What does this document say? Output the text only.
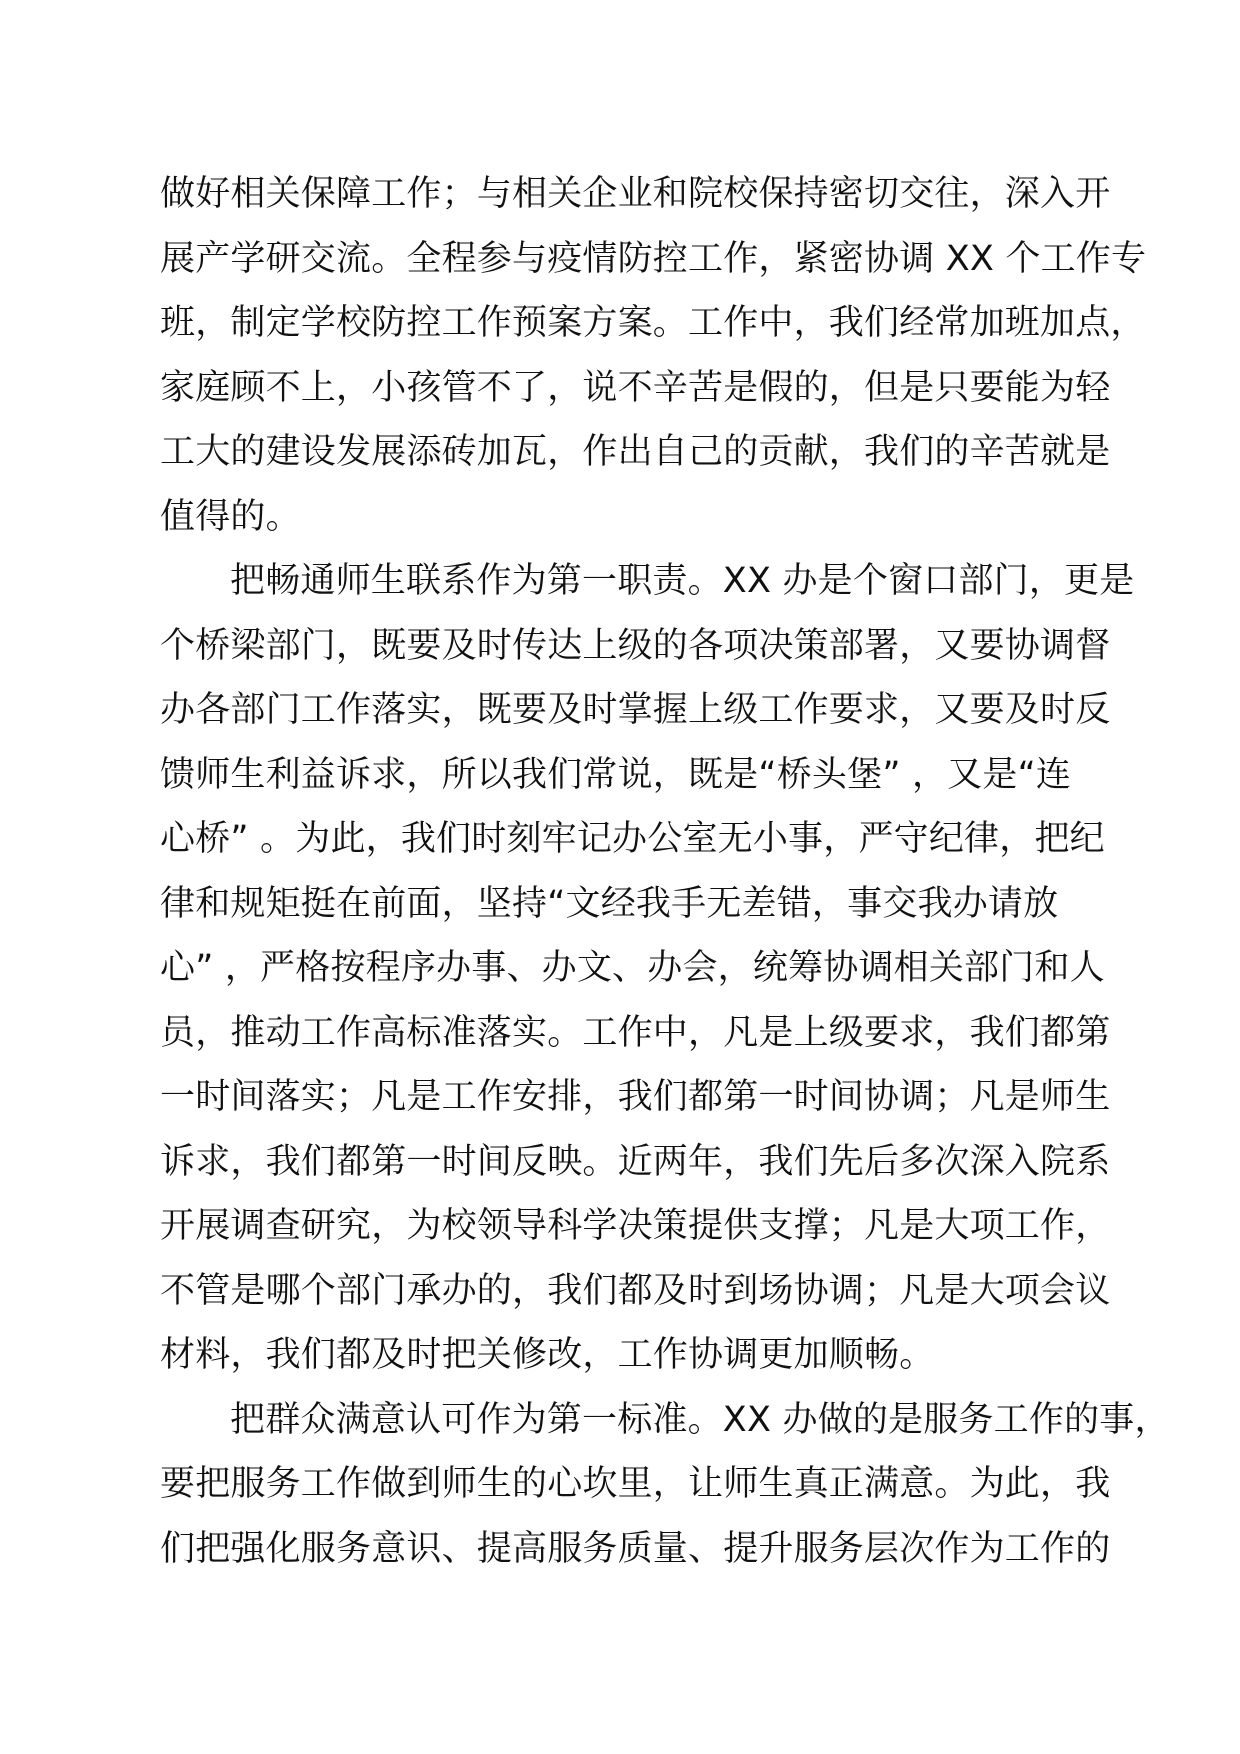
做好相关保障工作；与相关企业和院校保持密切交往，深入开
展产学研交流。全程参与疫情防控工作，紧密协调 XX 个工作专
班，制定学校防控工作预案方案。工作中，我们经常加班加点，
家庭顾不上，小孩管不了，说不辛苦是假的，但是只要能为轻
工大的建设发展添砖加瓦，作出自己的贡献，我们的辛苦就是
值得的。
把畅通师生联系作为第一职责。XX 办是个窗口部门，更是
个桥梁部门，既要及时传达上级的各项决策部署，又要协调督
办各部门工作落实，既要及时掌握上级工作要求，又要及时反
馈师生利益诉求，所以我们常说，既是“桥头堡” ，又是“连
心桥” 。为此，我们时刻牢记办公室无小事，严守纪律，把纪
律和规矩挺在前面，坚持“文经我手无差错，事交我办请放
心” ，严格按程序办事、办文、办会，统筹协调相关部门和人
员，推动工作高标准落实。工作中，凡是上级要求，我们都第
一时间落实；凡是工作安排，我们都第一时间协调；凡是师生
诉求，我们都第一时间反映。近两年，我们先后多次深入院系
开展调查研究，为校领导科学决策提供支撑；凡是大项工作，
不管是哪个部门承办的，我们都及时到场协调；凡是大项会议
材料，我们都及时把关修改，工作协调更加顺畅。
把群众满意认可作为第一标准。XX 办做的是服务工作的事，
要把服务工作做到师生的心坎里，让师生真正满意。为此，我
们把强化服务意识、提高服务质量、提升服务层次作为工作的
